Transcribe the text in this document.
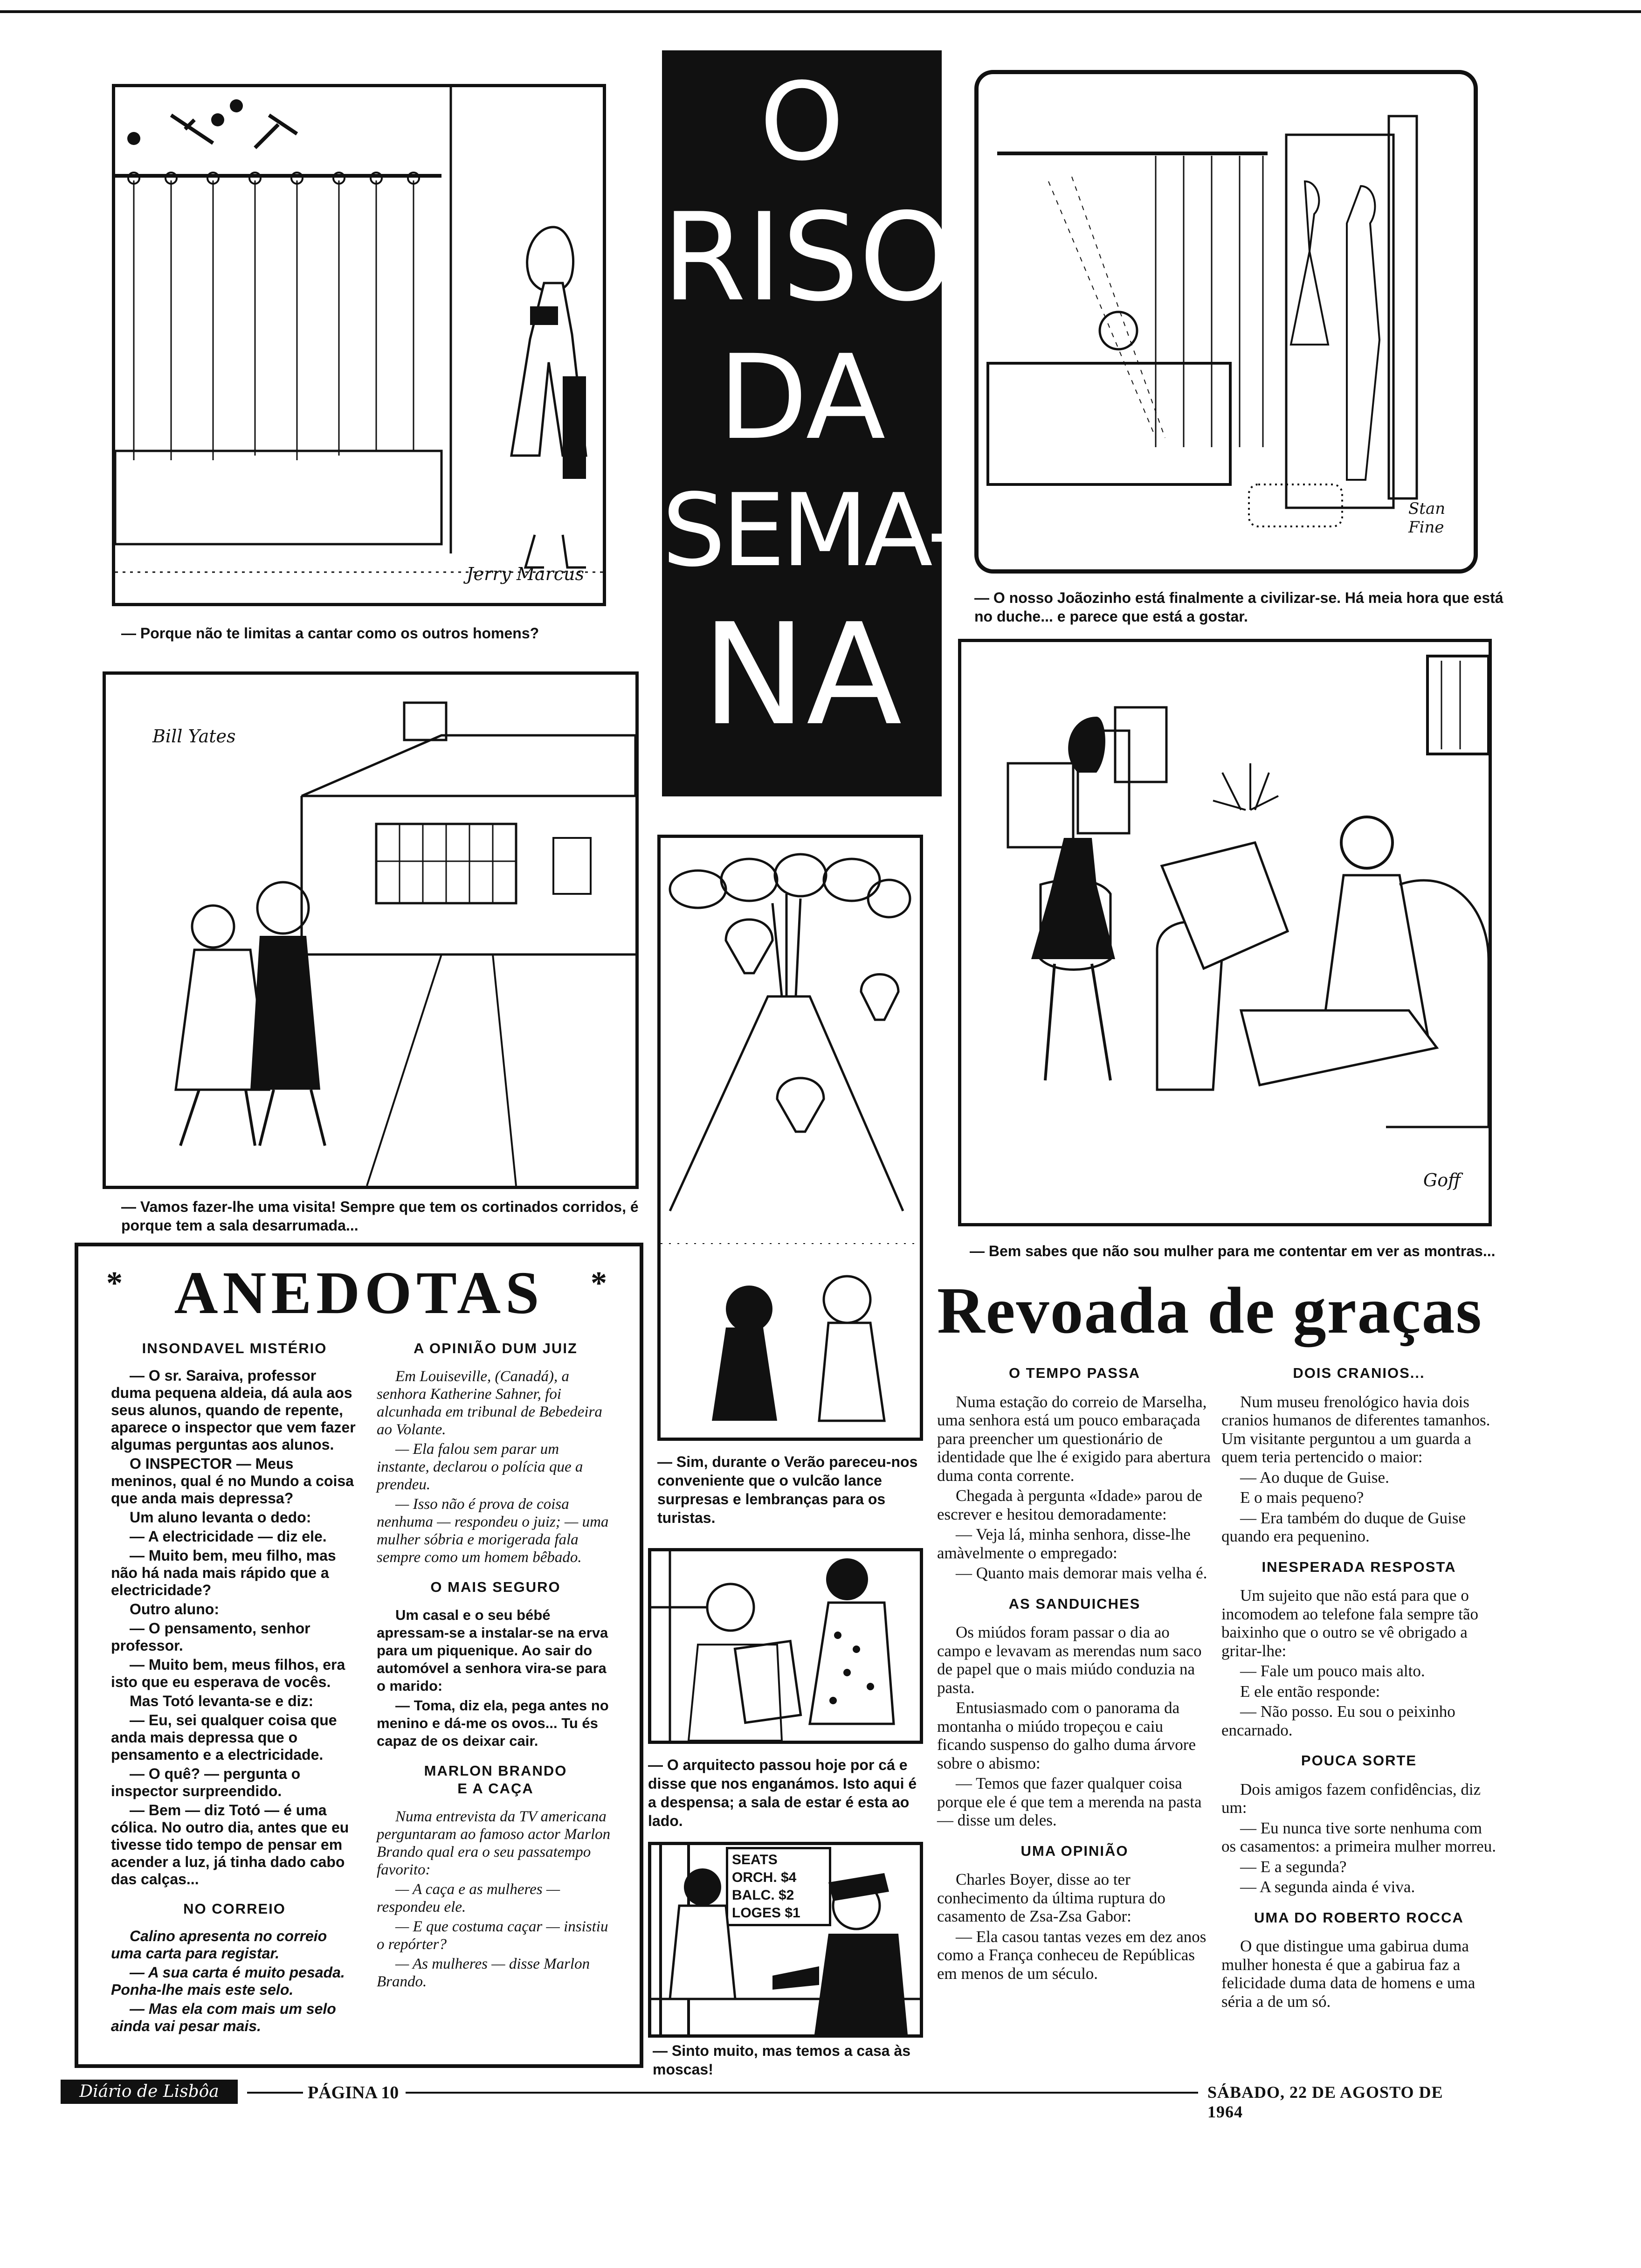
Jerry Marcus
— Porque não te limitas a cantar como os outros homens?
O
RISO
DA
SEMA-
NA
Stan Fine
— O nosso Joãozinho está finalmente a civilizar-se. Há meia hora que está no duche... e parece que está a gostar.
Bill Yates
— Vamos fazer-lhe uma visita! Sempre que tem os cortinados corridos, é porque tem a sala desarrumada...
Goff
— Bem sabes que não sou mulher para me contentar em ver as montras...
— Sim, durante o Verão pareceu-nos conveniente que o vulcão lance surpresas e lembranças para os turistas.
— O arquitecto passou hoje por cá e disse que nos enganámos. Isto aqui é a despensa; a sala de estar é esta ao lado.
SEATS
ORCH. $4
BALC. $2
LOGES $1
— Sinto muito, mas temos a casa às moscas!
* ANEDOTAS	*
INSONDAVEL MISTÉRIO

— O sr. Saraiva, professor duma pequena aldeia, dá aula aos seus alunos, quando de repente, aparece o inspector que vem fazer algumas perguntas aos alunos.

O INSPECTOR — Meus meninos, qual é no Mundo a coisa que anda mais depressa?

Um aluno levanta o dedo:

— A electricidade — diz ele.

— Muito bem, meu filho, mas não há nada mais rápido que a electricidade?

Outro aluno:

— O pensamento, senhor professor.

— Muito bem, meus filhos, era isto que eu esperava de vocês.

Mas Totó levanta-se e diz:

— Eu, sei qualquer coisa que anda mais depressa que o pensamento e a electricidade.

— O quê? — pergunta o inspector surpreendido.

— Bem — diz Totó — é uma cólica. No outro dia, antes que eu tivesse tido tempo de pensar em acender a luz, já tinha dado cabo das calças...

NO CORREIO

Calino apresenta no correio uma carta para registar.

— A sua carta é muito pesada. Ponha-lhe mais este selo.

— Mas ela com mais um selo ainda vai pesar mais.

A OPINIÃO DUM JUIZ

Em Louiseville, (Canadá), a senhora Katherine Sahner, foi alcunhada em tribunal de Bebedeira ao Volante.

— Ela falou sem parar um instante, declarou o polícia que a prendeu.

— Isso não é prova de coisa nenhuma — respondeu o juiz; — uma mulher sóbria e morigerada fala sempre como um homem bêbado.

O MAIS SEGURO

Um casal e o seu bébé apressam-se a instalar-se na erva para um piquenique. Ao sair do automóvel a senhora vira-se para o marido:

— Toma, diz ela, pega antes no menino e dá-me os ovos... Tu és capaz de os deixar cair.

MARLON BRANDO
E A CAÇA

Numa entrevista da TV americana perguntaram ao famoso actor Marlon Brando qual era o seu passatempo favorito:

— A caça e as mulheres — respondeu ele.

— E que costuma caçar — insistiu o repórter?

— As mulheres — disse Marlon Brando.

Revoada de graças
O TEMPO PASSA

Numa estação do correio de Marselha, uma senhora está um pouco embaraçada para preencher um questionário de identidade que lhe é exigido para abertura duma conta corrente.

Chegada à pergunta «Idade» parou de escrever e hesitou demoradamente:

— Veja lá, minha senhora, disse-lhe amàvelmente o empregado:

— Quanto mais demorar mais velha é.

AS SANDUICHES

Os miúdos foram passar o dia ao campo e levavam as merendas num saco de papel que o mais miúdo conduzia na pasta.

Entusiasmado com o panorama da montanha o miúdo tropeçou e caiu ficando suspenso do galho duma árvore sobre o abismo:

— Temos que fazer qualquer coisa porque ele é que tem a merenda na pasta — disse um deles.

UMA OPINIÃO

Charles Boyer, disse ao ter conhecimento da última ruptura do casamento de Zsa-Zsa Gabor:

— Ela casou tantas vezes em dez anos como a França conheceu de Repúblicas em menos de um século.

DOIS CRANIOS...

Num museu frenológico havia dois cranios humanos de diferentes tamanhos. Um visitante perguntou a um guarda a quem teria pertencido o maior:

— Ao duque de Guise.

E o mais pequeno?

— Era também do duque de Guise quando era pequenino.

INESPERADA RESPOSTA

Um sujeito que não está para que o incomodem ao telefone fala sempre tão baixinho que o outro se vê obrigado a gritar-lhe:

— Fale um pouco mais alto.

E ele então responde:

— Não posso. Eu sou o peixinho encarnado.

POUCA SORTE

Dois amigos fazem confidências, diz um:

— Eu nunca tive sorte nenhuma com os casamentos: a primeira mulher morreu.

— E a segunda?

— A segunda ainda é viva.

UMA DO ROBERTO ROCCA

O que distingue uma gabirua duma mulher honesta é que a gabirua faz a felicidade duma data de homens e uma séria a de um só.

Diário de Lisbôa	PÁGINA 10	SÁBADO, 22 DE AGOSTO DE 1964
